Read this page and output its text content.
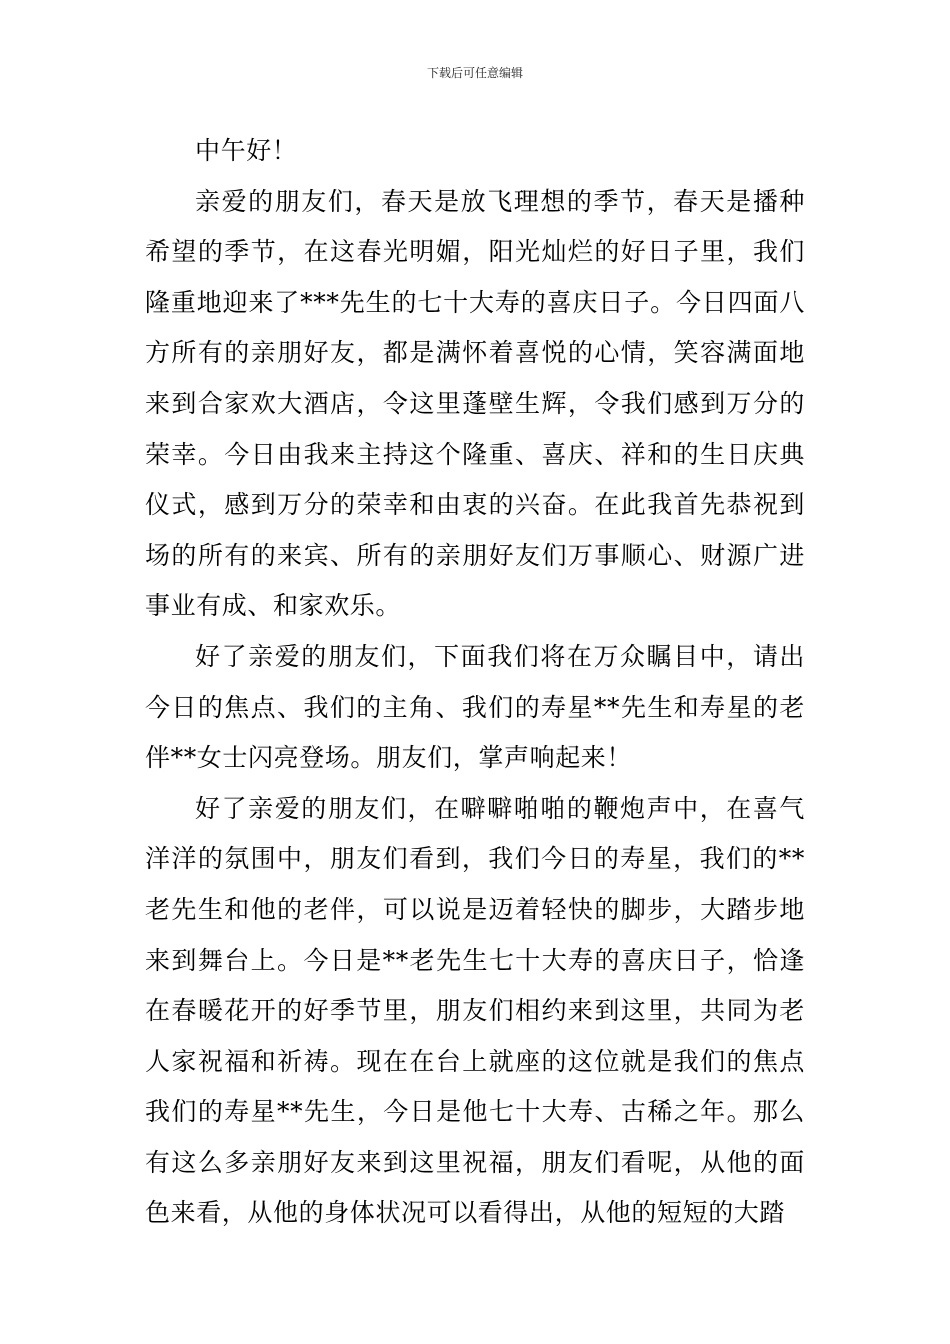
下载后可任意编辑

中午好！

亲爱的朋友们，春天是放飞理想的季节，春天是播种希望的季节，在这春光明媚，阳光灿烂的好日子里，我们隆重地迎来了***先生的七十大寿的喜庆日子。今日四面八方所有的亲朋好友，都是满怀着喜悦的心情，笑容满面地来到合家欢大酒店，令这里蓬壁生辉，令我们感到万分的荣幸。今日由我来主持这个隆重、喜庆、祥和的生日庆典仪式，感到万分的荣幸和由衷的兴奋。在此我首先恭祝到场的所有的来宾、所有的亲朋好友们万事顺心、财源广进事业有成、和家欢乐。

好了亲爱的朋友们，下面我们将在万众瞩目中，请出今日的焦点、我们的主角、我们的寿星**先生和寿星的老伴**女士闪亮登场。朋友们，掌声响起来！

好了亲爱的朋友们，在噼噼啪啪的鞭炮声中，在喜气洋洋的氛围中，朋友们看到，我们今日的寿星，我们的**老先生和他的老伴，可以说是迈着轻快的脚步，大踏步地来到舞台上。今日是**老先生七十大寿的喜庆日子，恰逢在春暖花开的好季节里，朋友们相约来到这里，共同为老人家祝福和祈祷。现在在台上就座的这位就是我们的焦点我们的寿星**先生，今日是他七十大寿、古稀之年。那么有这么多亲朋好友来到这里祝福，朋友们看呢，从他的面色来看，从他的身体状况可以看得出，从他的短短的大踏
